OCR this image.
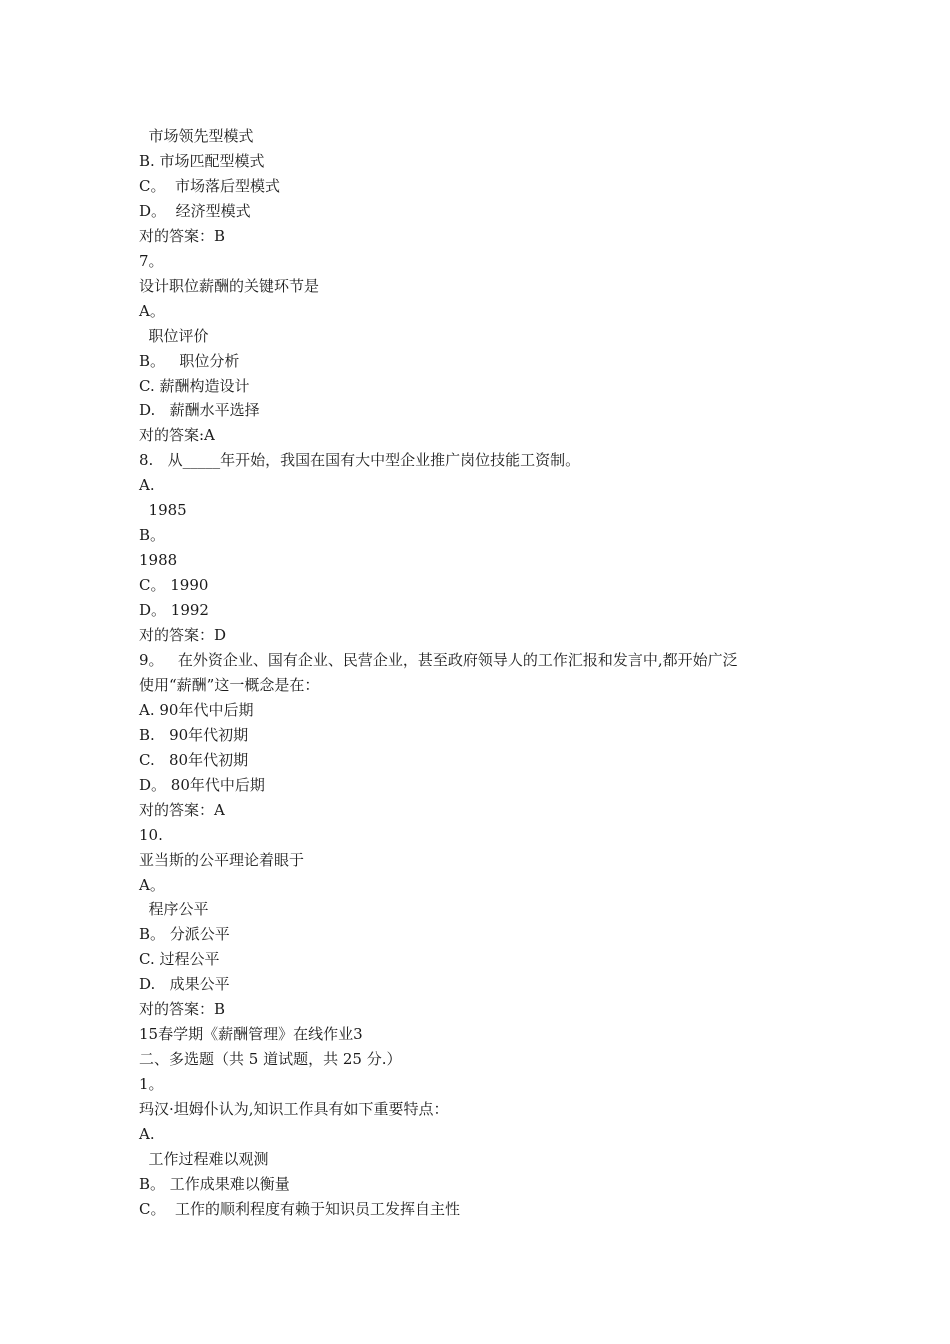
市场领先型模式
B. 市场匹配型模式
C。  市场落后型模式
D。  经济型模式
对的答案：B
7。
设计职位薪酬的关键环节是
A。
职位评价
B。   职位分析
C. 薪酬构造设计
D.   薪酬水平选择
对的答案:A
8.   从_____年开始，我国在国有大中型企业推广岗位技能工资制。
A.
1985
B。
1988
C。 1990
D。 1992
对的答案：D
9。   在外资企业、国有企业、民营企业，甚至政府领导人的工作汇报和发言中,都开始广泛
使用“薪酬”这一概念是在：
A. 90年代中后期
B.   90年代初期
C.   80年代初期
D。 80年代中后期
对的答案：A
10.
亚当斯的公平理论着眼于
A。
程序公平
B。 分派公平
C. 过程公平
D.   成果公平
对的答案：B
15春学期《薪酬管理》在线作业3
二、多选题（共 5 道试题，共 25 分.）
1。
玛汉·坦姆仆认为,知识工作具有如下重要特点：
A.
工作过程难以观测
B。 工作成果难以衡量
C。  工作的顺利程度有赖于知识员工发挥自主性
